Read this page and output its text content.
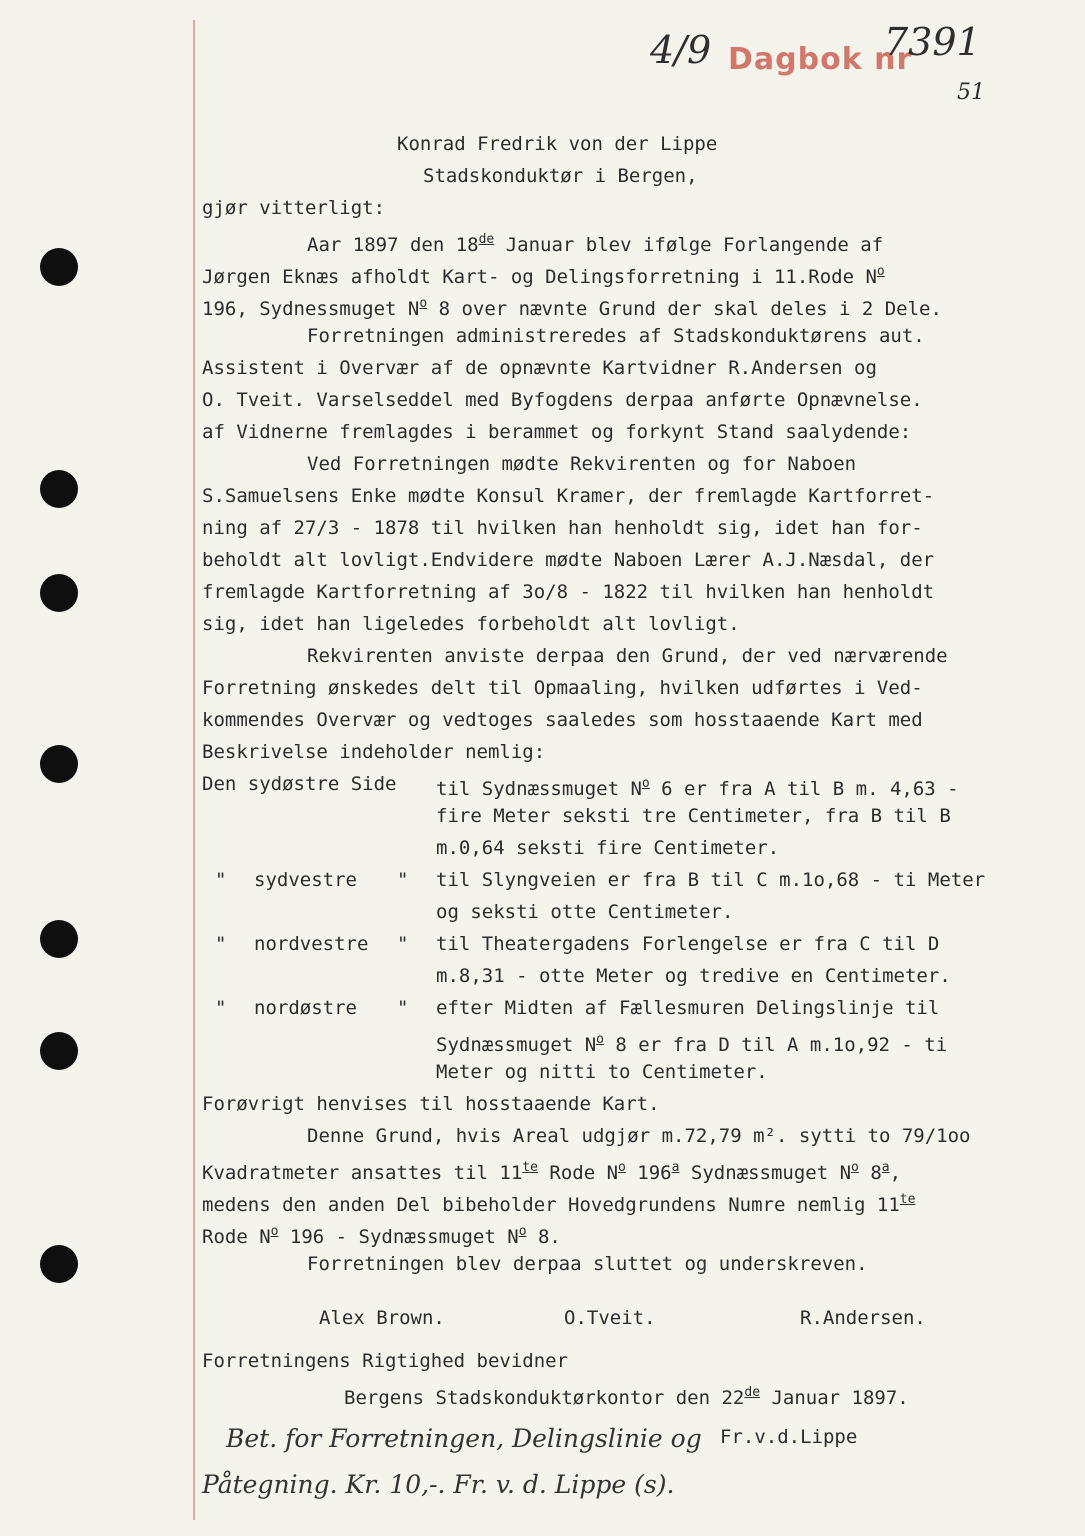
4/9 Dagbok nr
7391
51
Konrad Fredrik von der Lippe
Stadskonduktør i Bergen,
gjør vitterligt:
Aar 1897 den 18de Januar blev ifølge Forlangende af
Jørgen Eknæs afholdt Kart- og Delingsforretning i 11.Rode $N^o$
196, Sydnessmuget $N^o$ 8 over nævnte Grund der skal deles i 2 Dele.
Forretningen administreredes af Stadskonduktørens aut.
Assistent i Overvær af de opnævnte Kartvidner R.Andersen og
O. Tveit. Varselseddel med Byfogdens derpaa anførte Opnævnelse.
af Vidnerne fremlagdes i berammet og forkynt Stand saalydende:
Ved Forretningen mødte Rekvirenten og for Naboen
S.Samuelsens Enke mødte Konsul Kramer, der fremlagde Kartforret-
ning af 27/3 - 1878 til hvilken han henholdt sig, idet han for-
beholdt alt lovligt.Endvidere mødte Naboen Lærer A.J.Næsdal, der
fremlagde Kartforretning af 3o/8 - 1822 til hvilken han henholdt
sig, idet han ligeledes forbeholdt alt lovligt.
Rekvirenten anviste derpaa den Grund, der ved nærværende
Forretning ønskedes delt til Opmaaling, hvilken udførtes i Ved-
kommendes Overvær og vedtoges saaledes som hosstaaende Kart med
Beskrivelse indeholder nemlig:
Den sydøstre Side til Sydnæssmuget $N^o$ 6 er fra A til B m. 4,63 -
fire Meter seksti tre Centimeter, fra B til B
m.0,64 seksti fire Centimeter.
" sydvestre " til Slyngveien er fra B til C m.1o,68 - ti Meter
og seksti otte Centimeter.
" nordvestre " til Theatergadens Forlengelse er fra C til D
m.8,31 - otte Meter og tredive en Centimeter.
" nordøstre " efter Midten af Fællesmuren Delingslinje til
Sydnæssmuget $N^o$ 8 er fra D til A m.1o,92 - ti
Meter og nitti to Centimeter.
Forøvrigt henvises til hosstaaende Kart.
Denne Grund, hvis Areal udgjør m.72,79 m². sytti to 79/1oo
Kvadratmeter ansattes til $11^{te}$ Rode $N^o$ 196$^a$ Sydnæssmuget $N^o$ 8$^a$,
medens den anden Del bibeholder Hovedgrundens Numre nemlig $11^{te}$
Rode $N^o$ 196 - Sydnæssmuget $N^o$ 8.
Forretningen blev derpaa sluttet og underskreven.
Alex Brown.	O.Tveit.	R.Andersen.
Forretningens Rigtighed bevidner
Bergens Stadskonduktørkontor den 22de Januar 1897.
Fr.v.d.Lippe
Bet. for Forretningen, Delingslinie og
Påtegning. Kr. 10,-. Fr. v. d. Lippe (s).
